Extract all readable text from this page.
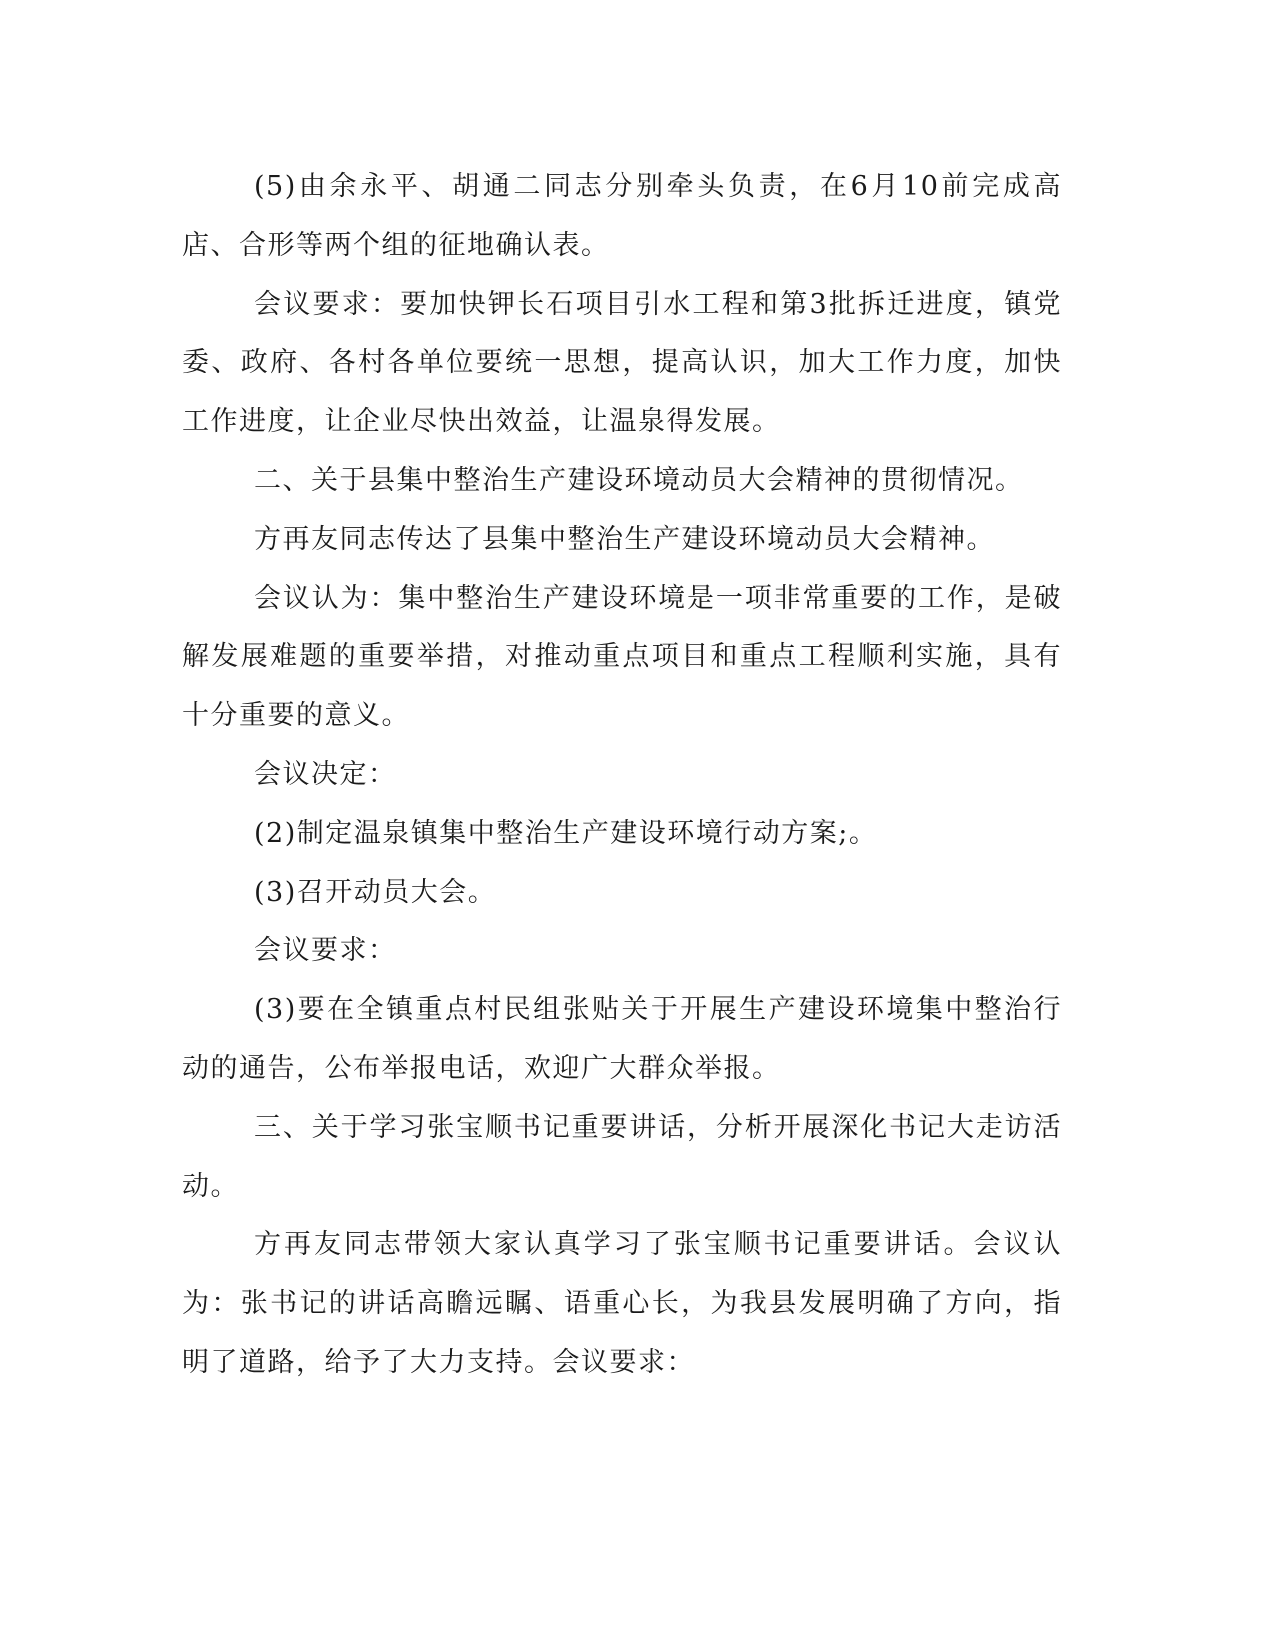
(5)由余永平、胡通二同志分别牵头负责，在6月10前完成高店、合形等两个组的征地确认表。

会议要求：要加快钾长石项目引水工程和第3批拆迁进度，镇党委、政府、各村各单位要统一思想，提高认识，加大工作力度，加快工作进度，让企业尽快出效益，让温泉得发展。

二、关于县集中整治生产建设环境动员大会精神的贯彻情况。

方再友同志传达了县集中整治生产建设环境动员大会精神。

会议认为：集中整治生产建设环境是一项非常重要的工作，是破解发展难题的重要举措，对推动重点项目和重点工程顺利实施，具有十分重要的意义。

会议决定：

(2)制定温泉镇集中整治生产建设环境行动方案;。

(3)召开动员大会。

会议要求：

(3)要在全镇重点村民组张贴关于开展生产建设环境集中整治行动的通告，公布举报电话，欢迎广大群众举报。

三、关于学习张宝顺书记重要讲话，分析开展深化书记大走访活动。

方再友同志带领大家认真学习了张宝顺书记重要讲话。会议认为：张书记的讲话高瞻远瞩、语重心长，为我县发展明确了方向，指明了道路，给予了大力支持。会议要求：
